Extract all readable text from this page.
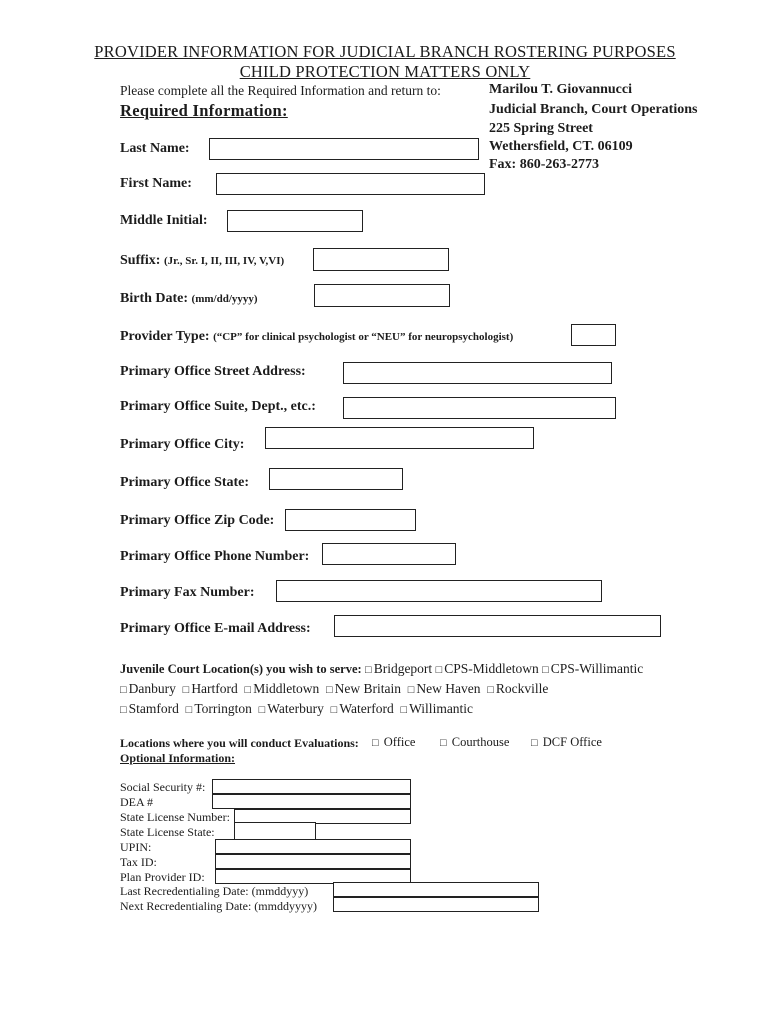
PROVIDER INFORMATION FOR JUDICIAL BRANCH ROSTERING PURPOSES
CHILD PROTECTION MATTERS ONLY
Please complete all the Required Information and return to:	Marilou T. Giovannucci
Judicial Branch, Court Operations
225 Spring Street
Wethersfield, CT. 06109
Fax: 860-263-2773
Required Information:
Last Name:
First Name:
Middle Initial:
Suffix: (Jr., Sr. I, II, III, IV, V,VI)
Birth Date: (mm/dd/yyyy)
Provider Type: (“CP” for clinical psychologist or “NEU” for neuropsychologist)
Primary Office Street Address:
Primary Office Suite, Dept., etc.:
Primary Office City:
Primary Office State:
Primary Office Zip Code:
Primary Office Phone Number:
Primary Fax Number:
Primary Office E-mail Address:
Juvenile Court Location(s) you wish to serve: □ Bridgeport □ CPS-Middletown □ CPS-Willimantic
□ Danbury □ Hartford □ Middletown □ New Britain □ New Haven □ Rockville
□ Stamford □ Torrington □ Waterbury □ Waterford □ Willimantic
Locations where you will conduct Evaluations: □ Office □ Courthouse □ DCF Office
Optional Information:
Social Security #:
DEA #
State License Number:
State License State:
UPIN:
Tax ID:
Plan Provider ID:
Last Recredentialing Date: (mmddyyy)
Next Recredentialing Date: (mmddyyyy)
